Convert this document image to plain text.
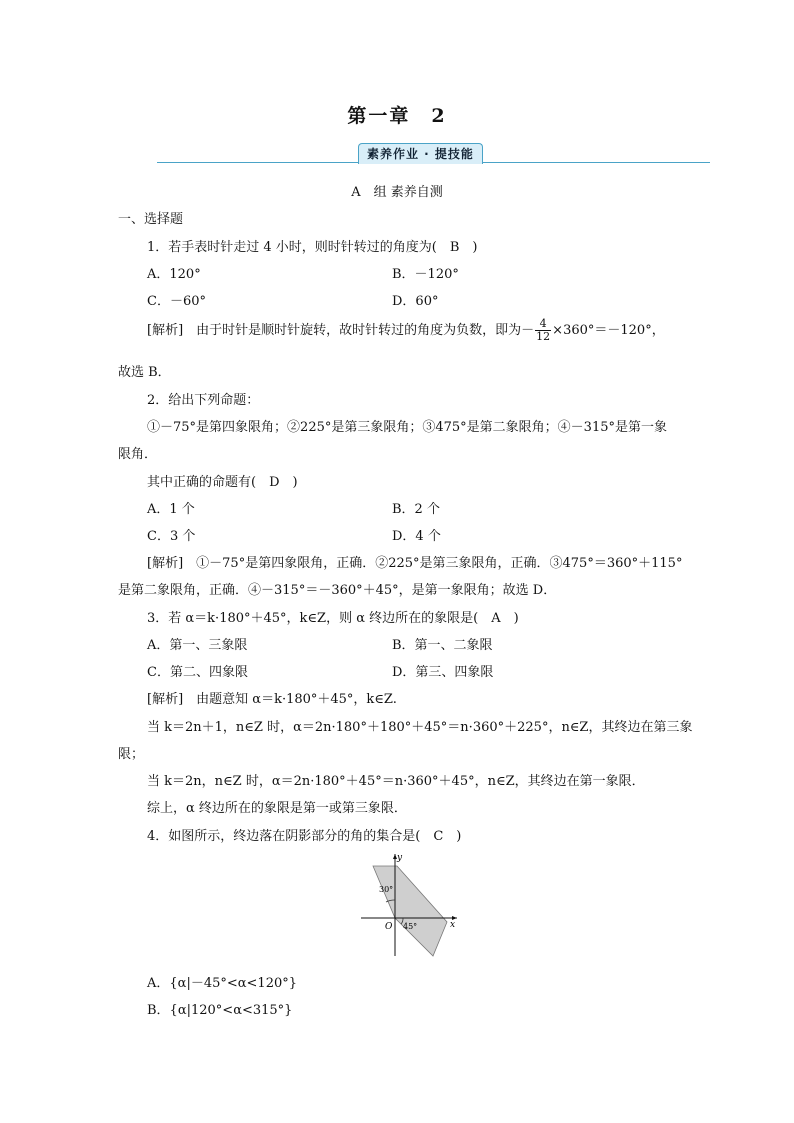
第一章　2
素养作业 · 提技能
A　组 素养自测
一、选择题
1．若手表时针走过 4 小时，则时针转过的角度为(　B　)
A．120°	B．－120°
C．－60°	D．60°
[解析]　由于时针是顺时针旋转，故时针转过的角度为负数，即为－ $\frac{4}{12} \times 360^\circ=-120^\circ$，
故选 B．
2．给出下列命题：
①－75°是第四象限角；②225°是第三象限角；③475°是第二象限角；④－315°是第一象
限角．
其中正确的命题有(　D　)
A．1 个	B．2 个
C．3 个	D．4 个
[解析]　①－75°是第四象限角，正确．②225°是第三象限角，正确．③475°＝360°＋115°
是第二象限角，正确．④－315°＝－360°＋45°，是第一象限角；故选 D．
3．若 α＝k·180°＋45°，k∈Z，则 α 终边所在的象限是(　A　)
A．第一、三象限	B．第一、二象限
C．第二、四象限	D．第三、四象限
[解析]　由题意知 α＝k·180°＋45°，k∈Z.
当 k＝2n＋1，n∈Z 时，α＝2n·180°＋180°＋45°＝n·360°＋225°，n∈Z，其终边在第三象
限；
当 k＝2n，n∈Z 时，α＝2n·180°＋45°＝n·360°＋45°，n∈Z，其终边在第一象限．
综上，α 终边所在的象限是第一或第三象限．
4．如图所示，终边落在阴影部分的角的集合是(　C　)
y
x
O
30°
45°
A．{α|－45°<α<120°}
B．{α|120°<α<315°}
